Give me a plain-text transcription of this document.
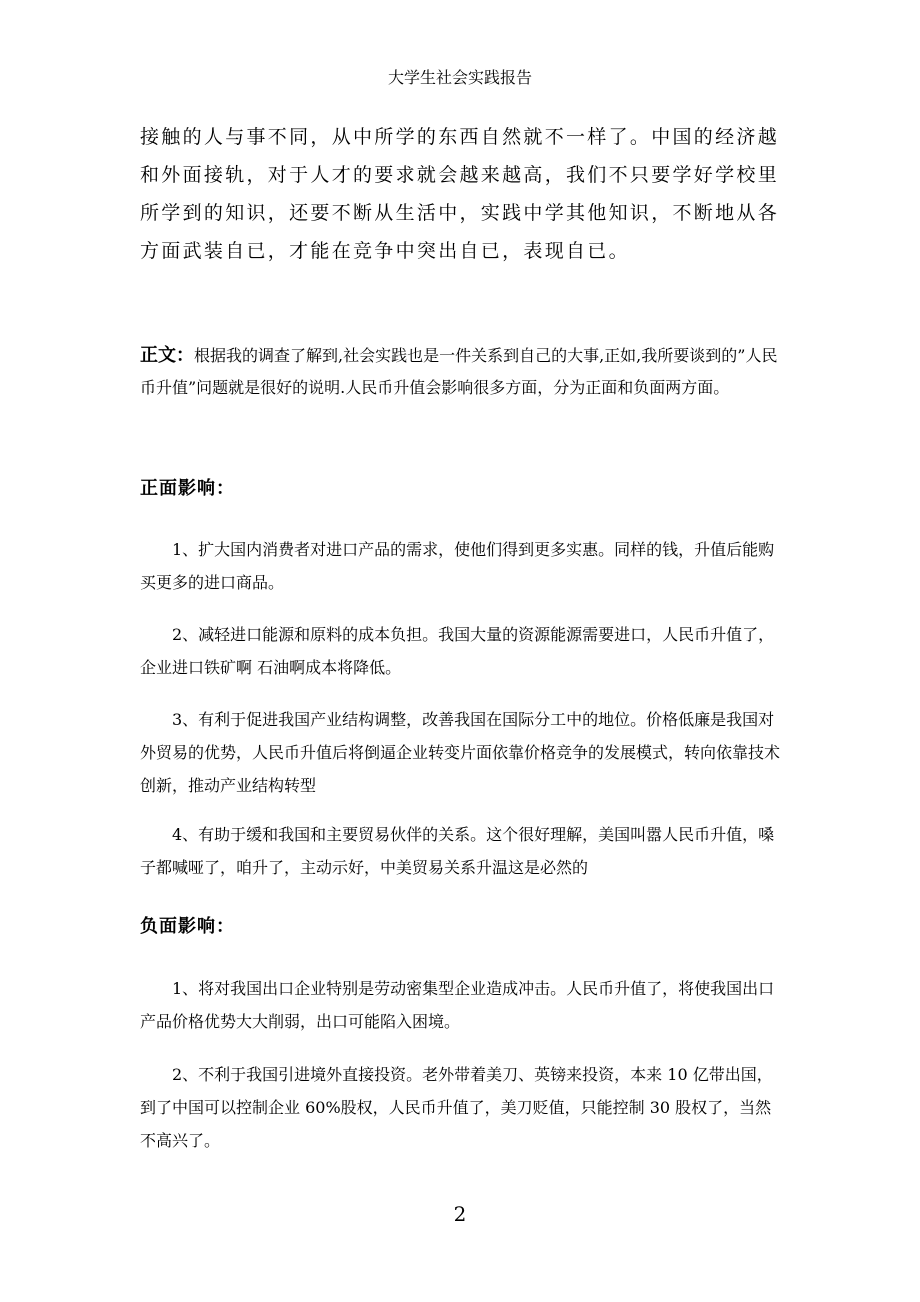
大学生社会实践报告

接触的人与事不同，从中所学的东西自然就不一样了。中国的经济越和外面接轨，对于人才的要求就会越来越高，我们不只要学好学校里所学到的知识，还要不断从生活中，实践中学其他知识，不断地从各方面武装自已，才能在竞争中突出自已，表现自已。

正文：根据我的调查了解到,社会实践也是一件关系到自己的大事,正如,我所要谈到的”人民币升值”问题就是很好的说明.人民币升值会影响很多方面，分为正面和负面两方面。

正面影响：

1、扩大国内消费者对进口产品的需求，使他们得到更多实惠。同样的钱，升值后能购买更多的进口商品。

2、减轻进口能源和原料的成本负担。我国大量的资源能源需要进口，人民币升值了，企业进口铁矿啊 石油啊成本将降低。

3、有利于促进我国产业结构调整，改善我国在国际分工中的地位。价格低廉是我国对外贸易的优势，人民币升值后将倒逼企业转变片面依靠价格竞争的发展模式，转向依靠技术创新，推动产业结构转型

4、有助于缓和我国和主要贸易伙伴的关系。这个很好理解，美国叫嚣人民币升值，嗓子都喊哑了，咱升了，主动示好，中美贸易关系升温这是必然的

负面影响：

1、将对我国出口企业特别是劳动密集型企业造成冲击。人民币升值了，将使我国出口产品价格优势大大削弱，出口可能陷入困境。

2、不利于我国引进境外直接投资。老外带着美刀、英镑来投资，本来 10 亿带出国，到了中国可以控制企业 60%股权，人民币升值了，美刀贬值，只能控制 30 股权了，当然不高兴了。

2
